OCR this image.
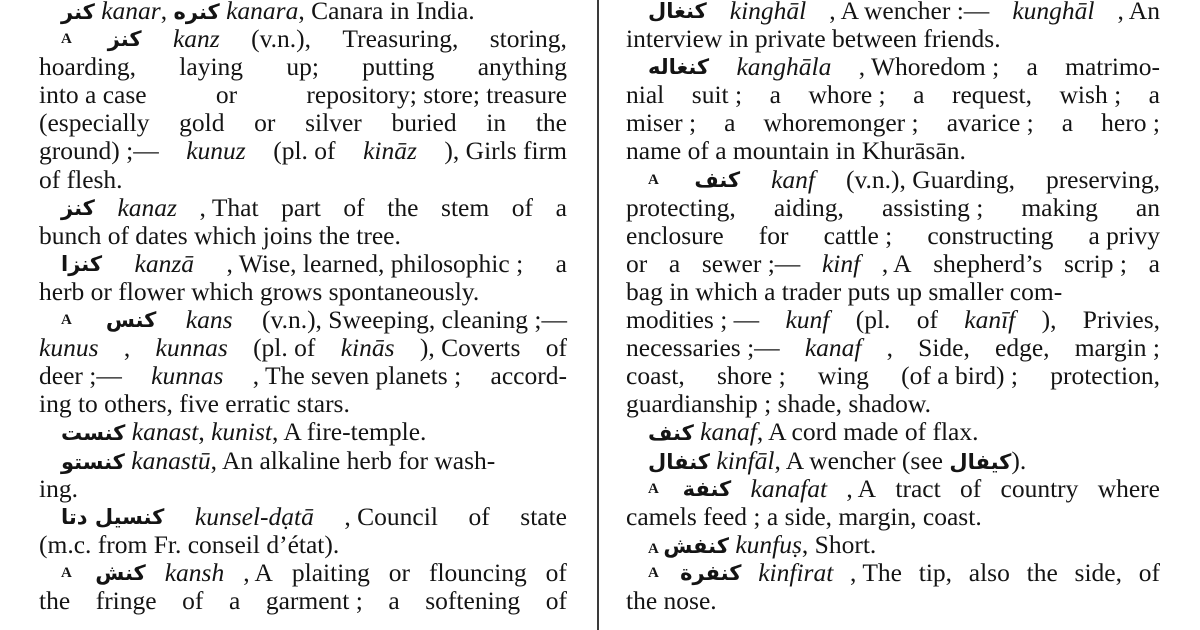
کنر kanar, کنره kanara, Canara in India.
A کنز kanz (v.n.), Treasuring, storing,
hoarding, laying up; putting anything
into a case	or	repository; store; treasure
(especially gold or silver buried in the
ground) ;— kunuz (pl. of kināz ), Girls firm
of flesh.
کنز kanaz , That part of the stem of a
bunch of dates which joins the tree.
کنزا kanzā , Wise, learned, philosophic ; a
herb or flower which grows spontaneously.
A کنس kans (v.n.), Sweeping, cleaning ;—
kunus , kunnas (pl. of kinās ), Coverts of
deer ;— kunnas , The seven planets ; accord-
ing to others, five erratic stars.
کنست kanast, kunist, A fire-temple.
کنستو kanastū, An alkaline herb for wash-
ing.
کنسیل دتا kunsel-dạtā , Council of state
(m.c. from Fr. conseil d’état).
A کنش kansh , A plaiting or flouncing of
the fringe of a garment ; a softening of
کنغال kinghāl , A wencher :— kunghāl , An
interview in private between friends.
کنغاله kanghāla , Whoredom ; a matrimo-
nial suit ; a whore ; a request, wish ; a
miser ; a whoremonger ; avarice ; a hero ;
name of a mountain in Khurāsān.
A کنف kanf (v.n.), Guarding, preserving,
protecting, aiding, assisting ; making an
enclosure for cattle ; constructing a privy
or a sewer ;— kinf , A shepherd’s scrip ; a
bag in which a trader puts up smaller com-
modities ; — kunf (pl. of kanīf ), Privies,
necessaries ;— kanaf , Side, edge, margin ;
coast, shore ; wing (of a bird) ; protection,
guardianship ; shade, shadow.
کنف kanaf, A cord made of flax.
کنفال kinfāl, A wencher (see کیفال).
A کنفة kanafat , A tract of country where
camels feed ; a side, margin, coast.
A کنفش kunfuṣ, Short.
A کنفرة kinfirat , The tip, also the side, of
the nose.
